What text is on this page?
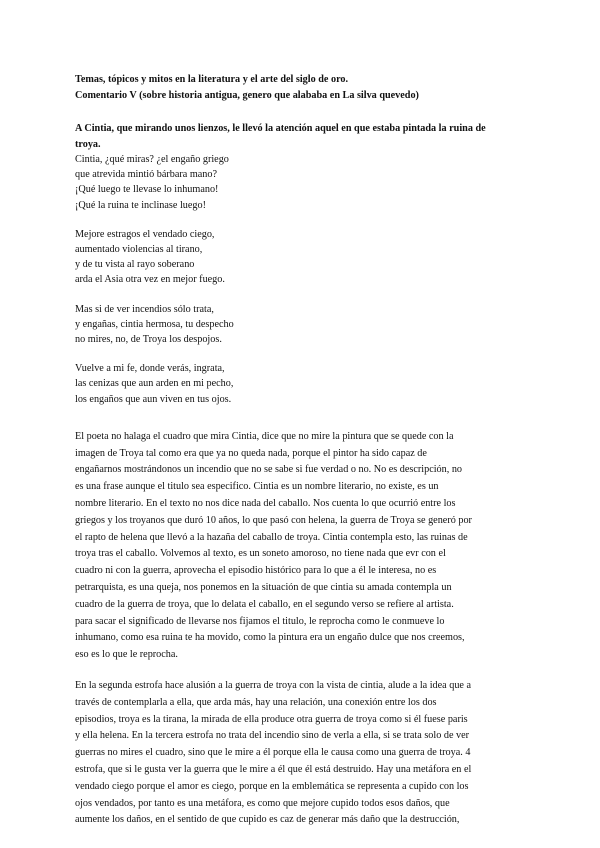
Temas, tópicos y mitos en la literatura y el arte del siglo de oro.

Comentario V (sobre historia antigua, genero que alababa en La silva quevedo)

A Cintia, que mirando unos lienzos, le llevó la atención aquel en que estaba pintada la ruina de
troya.

Cintia, ¿qué miras? ¿el engaño griego

que atrevida mintió bárbara mano?

¡Qué luego te llevase lo inhumano!

¡Qué la ruina te inclinase luego!

Mejore estragos el vendado ciego,

aumentado violencias al tirano,

y de tu vista al rayo soberano

arda el Asia otra vez en mejor fuego.

Mas si de ver incendios sólo trata,

y engañas, cintia hermosa, tu despecho

no mires, no, de Troya los despojos.

Vuelve a mi fe, donde verás, ingrata,

las cenizas que aun arden en mi pecho,

los engaños que aun viven en tus ojos.

El poeta no halaga el cuadro que mira Cintia, dice que no mire la pintura que se quede con la
imagen de Troya tal como era que ya no queda nada, porque el pintor ha sido capaz de
engañarnos mostrándonos un incendio que no se sabe si fue verdad o no. No es descripción, no
es una frase aunque el titulo sea especifico. Cintia es un nombre literario, no existe, es un
nombre literario. En el texto no nos dice nada del caballo. Nos cuenta lo que ocurrió entre los
griegos y los troyanos que duró 10 años, lo que pasó con helena, la guerra de Troya se generó por
el rapto de helena que llevó a la hazaña del caballo de troya. Cintia contempla esto, las ruinas de
troya tras el caballo. Volvemos al texto, es un soneto amoroso, no tiene nada que evr con el
cuadro ni con la guerra, aprovecha el episodio histórico para lo que a él le interesa, no es
petrarquista, es una queja, nos ponemos en la situación de que cintia su amada contempla un
cuadro de la guerra de troya, que lo delata el caballo, en el segundo verso se refiere al artista.
para sacar el significado de llevarse nos fijamos el titulo, le reprocha como le conmueve lo
inhumano, como esa ruina te ha movido, como la pintura era un engaño dulce que nos creemos,
eso es lo que le reprocha.
En la segunda estrofa hace alusión a la guerra de troya con la vista de cintia, alude a la idea que a
través de contemplarla a ella, que arda más, hay una relación, una conexión entre los dos
episodios, troya es la tirana, la mirada de ella produce otra guerra de troya como si él fuese paris
y ella helena. En la tercera estrofa no trata del incendio sino de verla a ella, si se trata solo de ver
guerras no mires el cuadro, sino que le mire a él porque ella le causa como una guerra de troya. 4
estrofa, que si le gusta ver la guerra que le mire a él que él está destruido. Hay una metáfora en el
vendado ciego porque el amor es ciego, porque en la emblemática se representa a cupido con los
ojos vendados, por tanto es una metáfora, es como que mejore cupido todos esos daños, que
aumente los daños, en el sentido de que cupido es caz de generar más daño que la destrucción,
